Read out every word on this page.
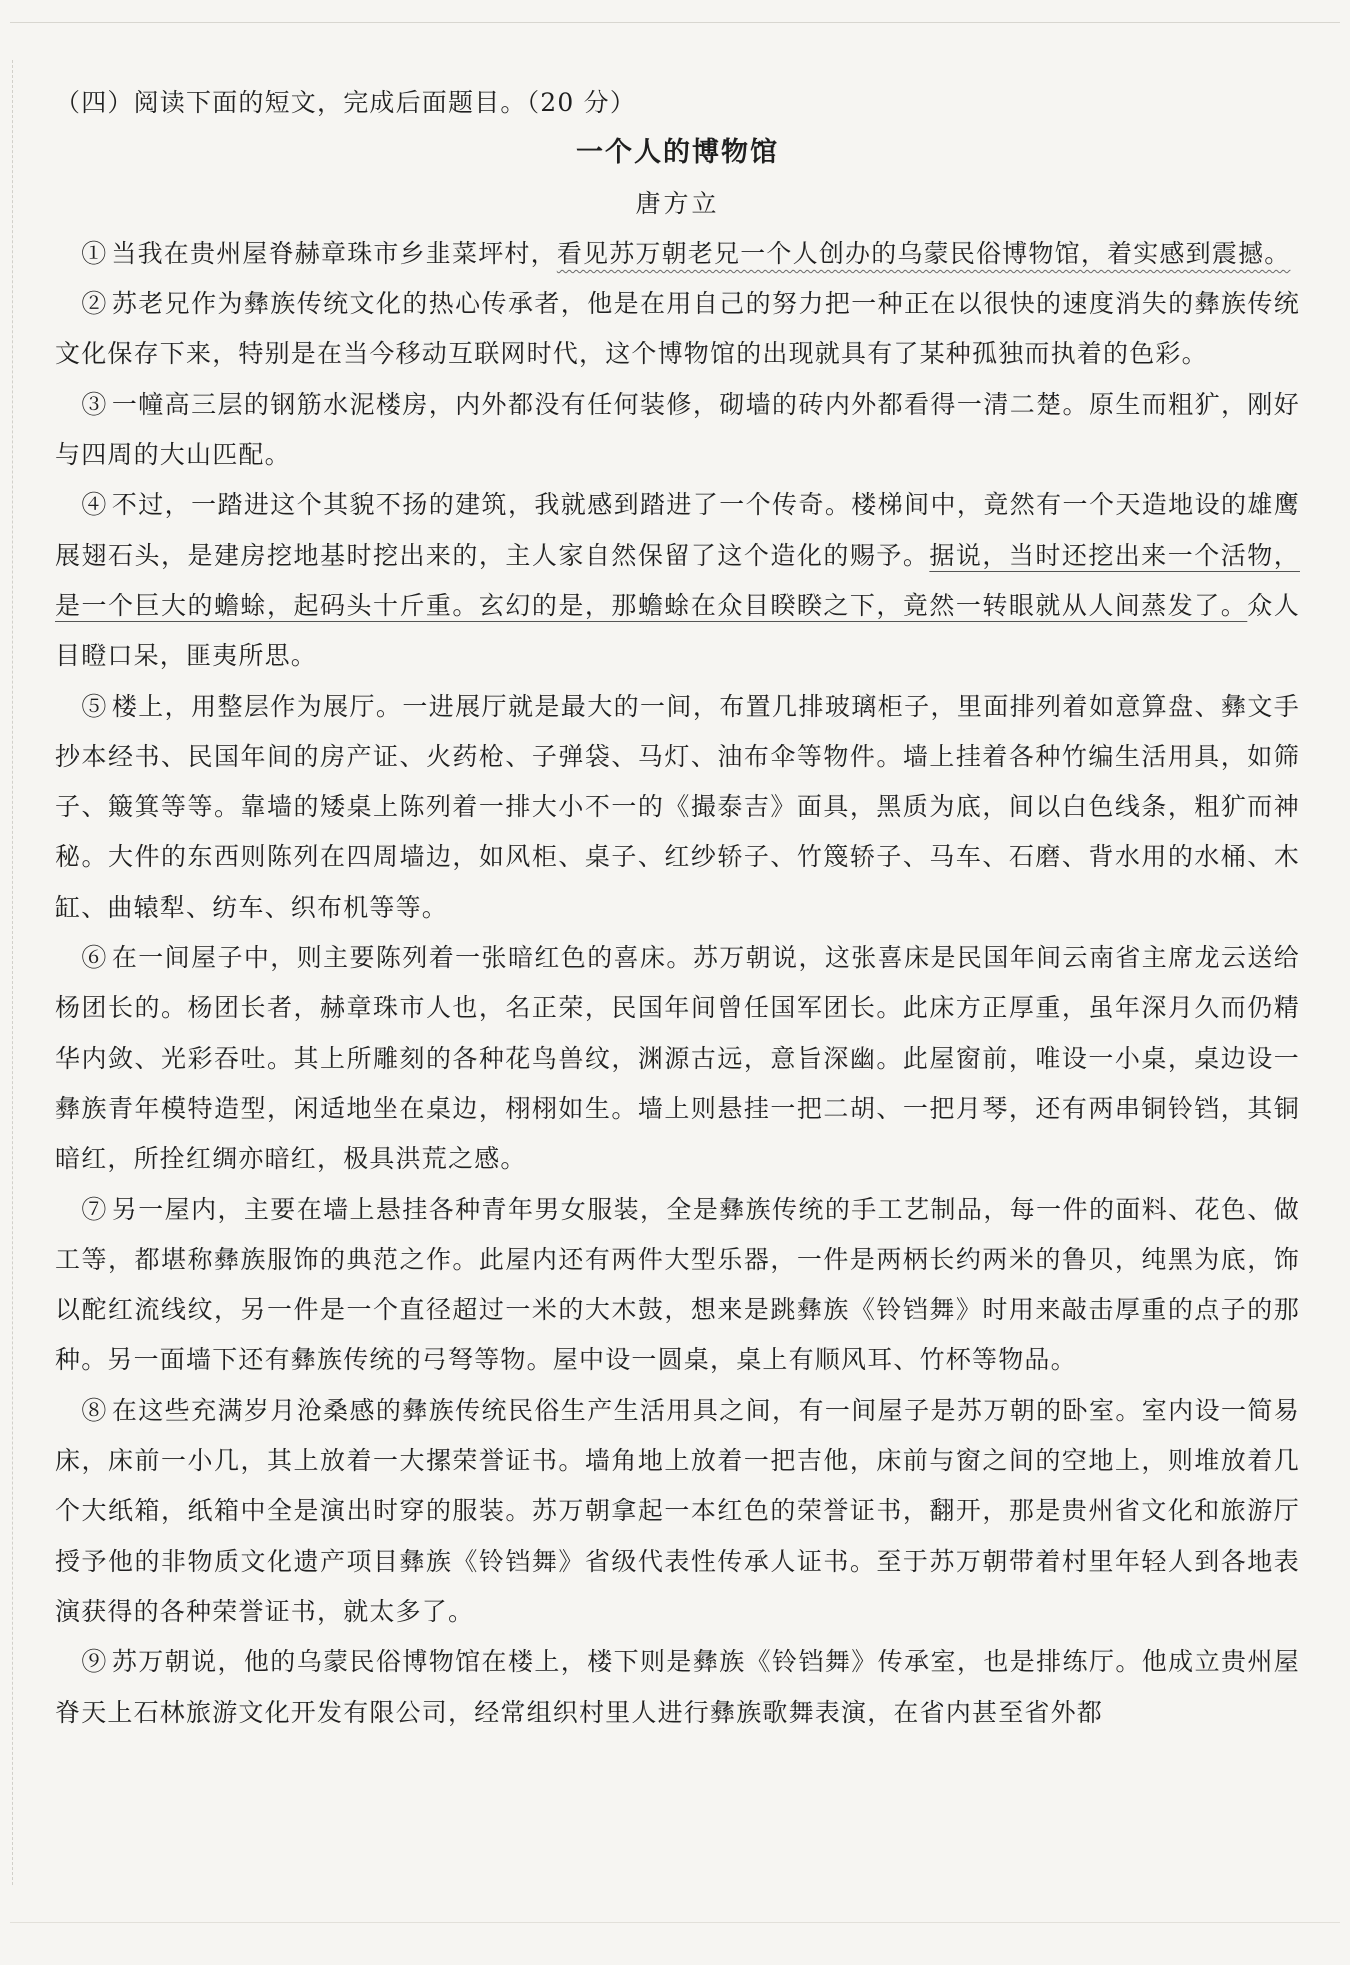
（四）阅读下面的短文，完成后面题目。（20 分）

一个人的博物馆

唐方立

　① 当我在贵州屋脊赫章珠市乡韭菜坪村，看见苏万朝老兄一个人创办的乌蒙民俗博物馆，着实感到震撼。

　② 苏老兄作为彝族传统文化的热心传承者，他是在用自己的努力把一种正在以很快的速度消失的彝族传统文化保存下来，特别是在当今移动互联网时代，这个博物馆的出现就具有了某种孤独而执着的色彩。

　③ 一幢高三层的钢筋水泥楼房，内外都没有任何装修，砌墙的砖内外都看得一清二楚。原生而粗犷，刚好与四周的大山匹配。

　④ 不过，一踏进这个其貌不扬的建筑，我就感到踏进了一个传奇。楼梯间中，竟然有一个天造地设的雄鹰展翅石头，是建房挖地基时挖出来的，主人家自然保留了这个造化的赐予。据说，当时还挖出来一个活物，是一个巨大的蟾蜍，起码头十斤重。玄幻的是，那蟾蜍在众目睽睽之下，竟然一转眼就从人间蒸发了。众人目瞪口呆，匪夷所思。

　⑤ 楼上，用整层作为展厅。一进展厅就是最大的一间，布置几排玻璃柜子，里面排列着如意算盘、彝文手抄本经书、民国年间的房产证、火药枪、子弹袋、马灯、油布伞等物件。墙上挂着各种竹编生活用具，如筛子、簸箕等等。靠墙的矮桌上陈列着一排大小不一的《撮泰吉》面具，黑质为底，间以白色线条，粗犷而神秘。大件的东西则陈列在四周墙边，如风柜、桌子、红纱轿子、竹篾轿子、马车、石磨、背水用的水桶、木缸、曲辕犁、纺车、织布机等等。

　⑥ 在一间屋子中，则主要陈列着一张暗红色的喜床。苏万朝说，这张喜床是民国年间云南省主席龙云送给杨团长的。杨团长者，赫章珠市人也，名正荣，民国年间曾任国军团长。此床方正厚重，虽年深月久而仍精华内敛、光彩吞吐。其上所雕刻的各种花鸟兽纹，渊源古远，意旨深幽。此屋窗前，唯设一小桌，桌边设一彝族青年模特造型，闲适地坐在桌边，栩栩如生。墙上则悬挂一把二胡、一把月琴，还有两串铜铃铛，其铜暗红，所拴红绸亦暗红，极具洪荒之感。

　⑦ 另一屋内，主要在墙上悬挂各种青年男女服装，全是彝族传统的手工艺制品，每一件的面料、花色、做工等，都堪称彝族服饰的典范之作。此屋内还有两件大型乐器，一件是两柄长约两米的鲁贝，纯黑为底，饰以酡红流线纹，另一件是一个直径超过一米的大木鼓，想来是跳彝族《铃铛舞》时用来敲击厚重的点子的那种。另一面墙下还有彝族传统的弓弩等物。屋中设一圆桌，桌上有顺风耳、竹杯等物品。

　⑧ 在这些充满岁月沧桑感的彝族传统民俗生产生活用具之间，有一间屋子是苏万朝的卧室。室内设一简易床，床前一小几，其上放着一大摞荣誉证书。墙角地上放着一把吉他，床前与窗之间的空地上，则堆放着几个大纸箱，纸箱中全是演出时穿的服装。苏万朝拿起一本红色的荣誉证书，翻开，那是贵州省文化和旅游厅授予他的非物质文化遗产项目彝族《铃铛舞》省级代表性传承人证书。至于苏万朝带着村里年轻人到各地表演获得的各种荣誉证书，就太多了。

　⑨ 苏万朝说，他的乌蒙民俗博物馆在楼上，楼下则是彝族《铃铛舞》传承室，也是排练厅。他成立贵州屋脊天上石林旅游文化开发有限公司，经常组织村里人进行彝族歌舞表演，在省内甚至省外都
